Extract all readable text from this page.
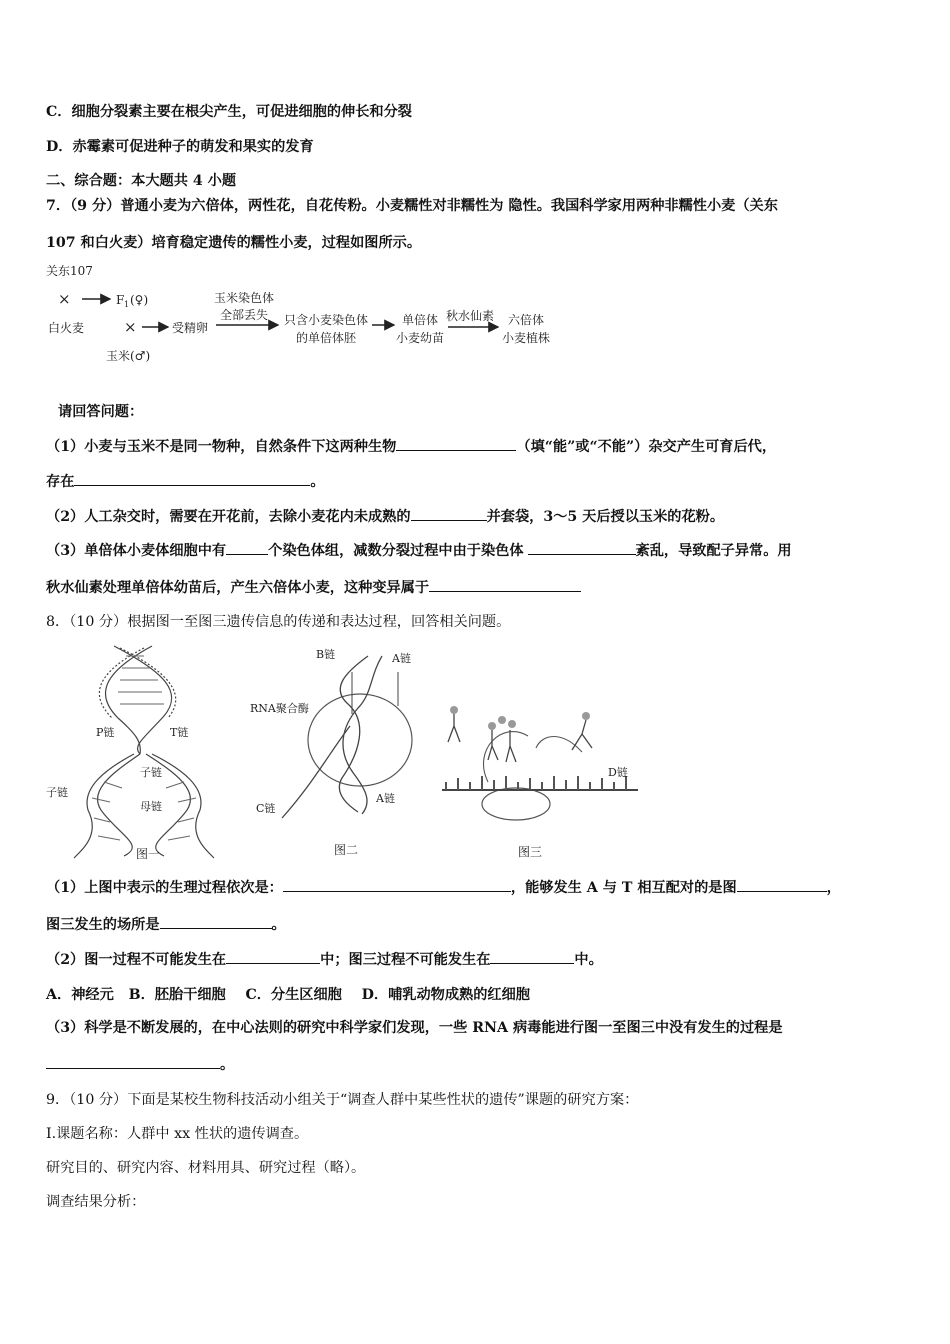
C．细胞分裂素主要在根尖产生，可促进细胞的伸长和分裂
D．赤霉素可促进种子的萌发和果实的发育
二、综合题：本大题共 4 小题
7．（9 分）普通小麦为六倍体，两性花，自花传粉。小麦糯性对非糯性为 隐性。我国科学家用两种非糯性小麦（关东
107 和白火麦）培育稳定遗传的糯性小麦，过程如图所示。
关东107
×	F 1 (♀)
白火麦	×	受精卵
玉米(♂)
玉米染色体
全部丢失 只含小麦染色体
的单倍体胚
单倍体
小麦幼苗
秋水仙素 六倍体
小麦植株
请回答问题：
（1）小麦与玉米不是同一物种，自然条件下这两种生物	（填“能”或“不能”）杂交产生可育后代，
存在	。
（2）人工杂交时，需要在开花前，去除小麦花内未成熟的	并套袋，3～5 天后授以玉米的花粉。
（3）单倍体小麦体细胞中有	个染色体组，减数分裂过程中由于染色体	紊乱，导致配子异常。用
秋水仙素处理单倍体幼苗后，产生六倍体小麦，这种变异属于
8．（10 分）根据图一至图三遗传信息的传递和表达过程，回答相关问题。
P链	T链
子链
子链
母链
图一
B链	A链
RNA聚合酶
C链
A链
图二
D链
图三
（1）上图中表示的生理过程依次是：	，能够发生 A 与 T 相互配对的是图	，
图三发生的场所是	。
（2）图一过程不可能发生在	中；图三过程不可能发生在	中。
A．神经元   B．胚胎干细胞    C．分生区细胞    D．哺乳动物成熟的红细胞
（3）科学是不断发展的，在中心法则的研究中科学家们发现，一些 RNA 病毒能进行图一至图三中没有发生的过程是
。
9．（10 分）下面是某校生物科技活动小组关于“调查人群中某些性状的遗传”课题的研究方案：
I.课题名称：人群中 xx 性状的遗传调查。
研究目的、研究内容、材料用具、研究过程（略）。
调查结果分析：
